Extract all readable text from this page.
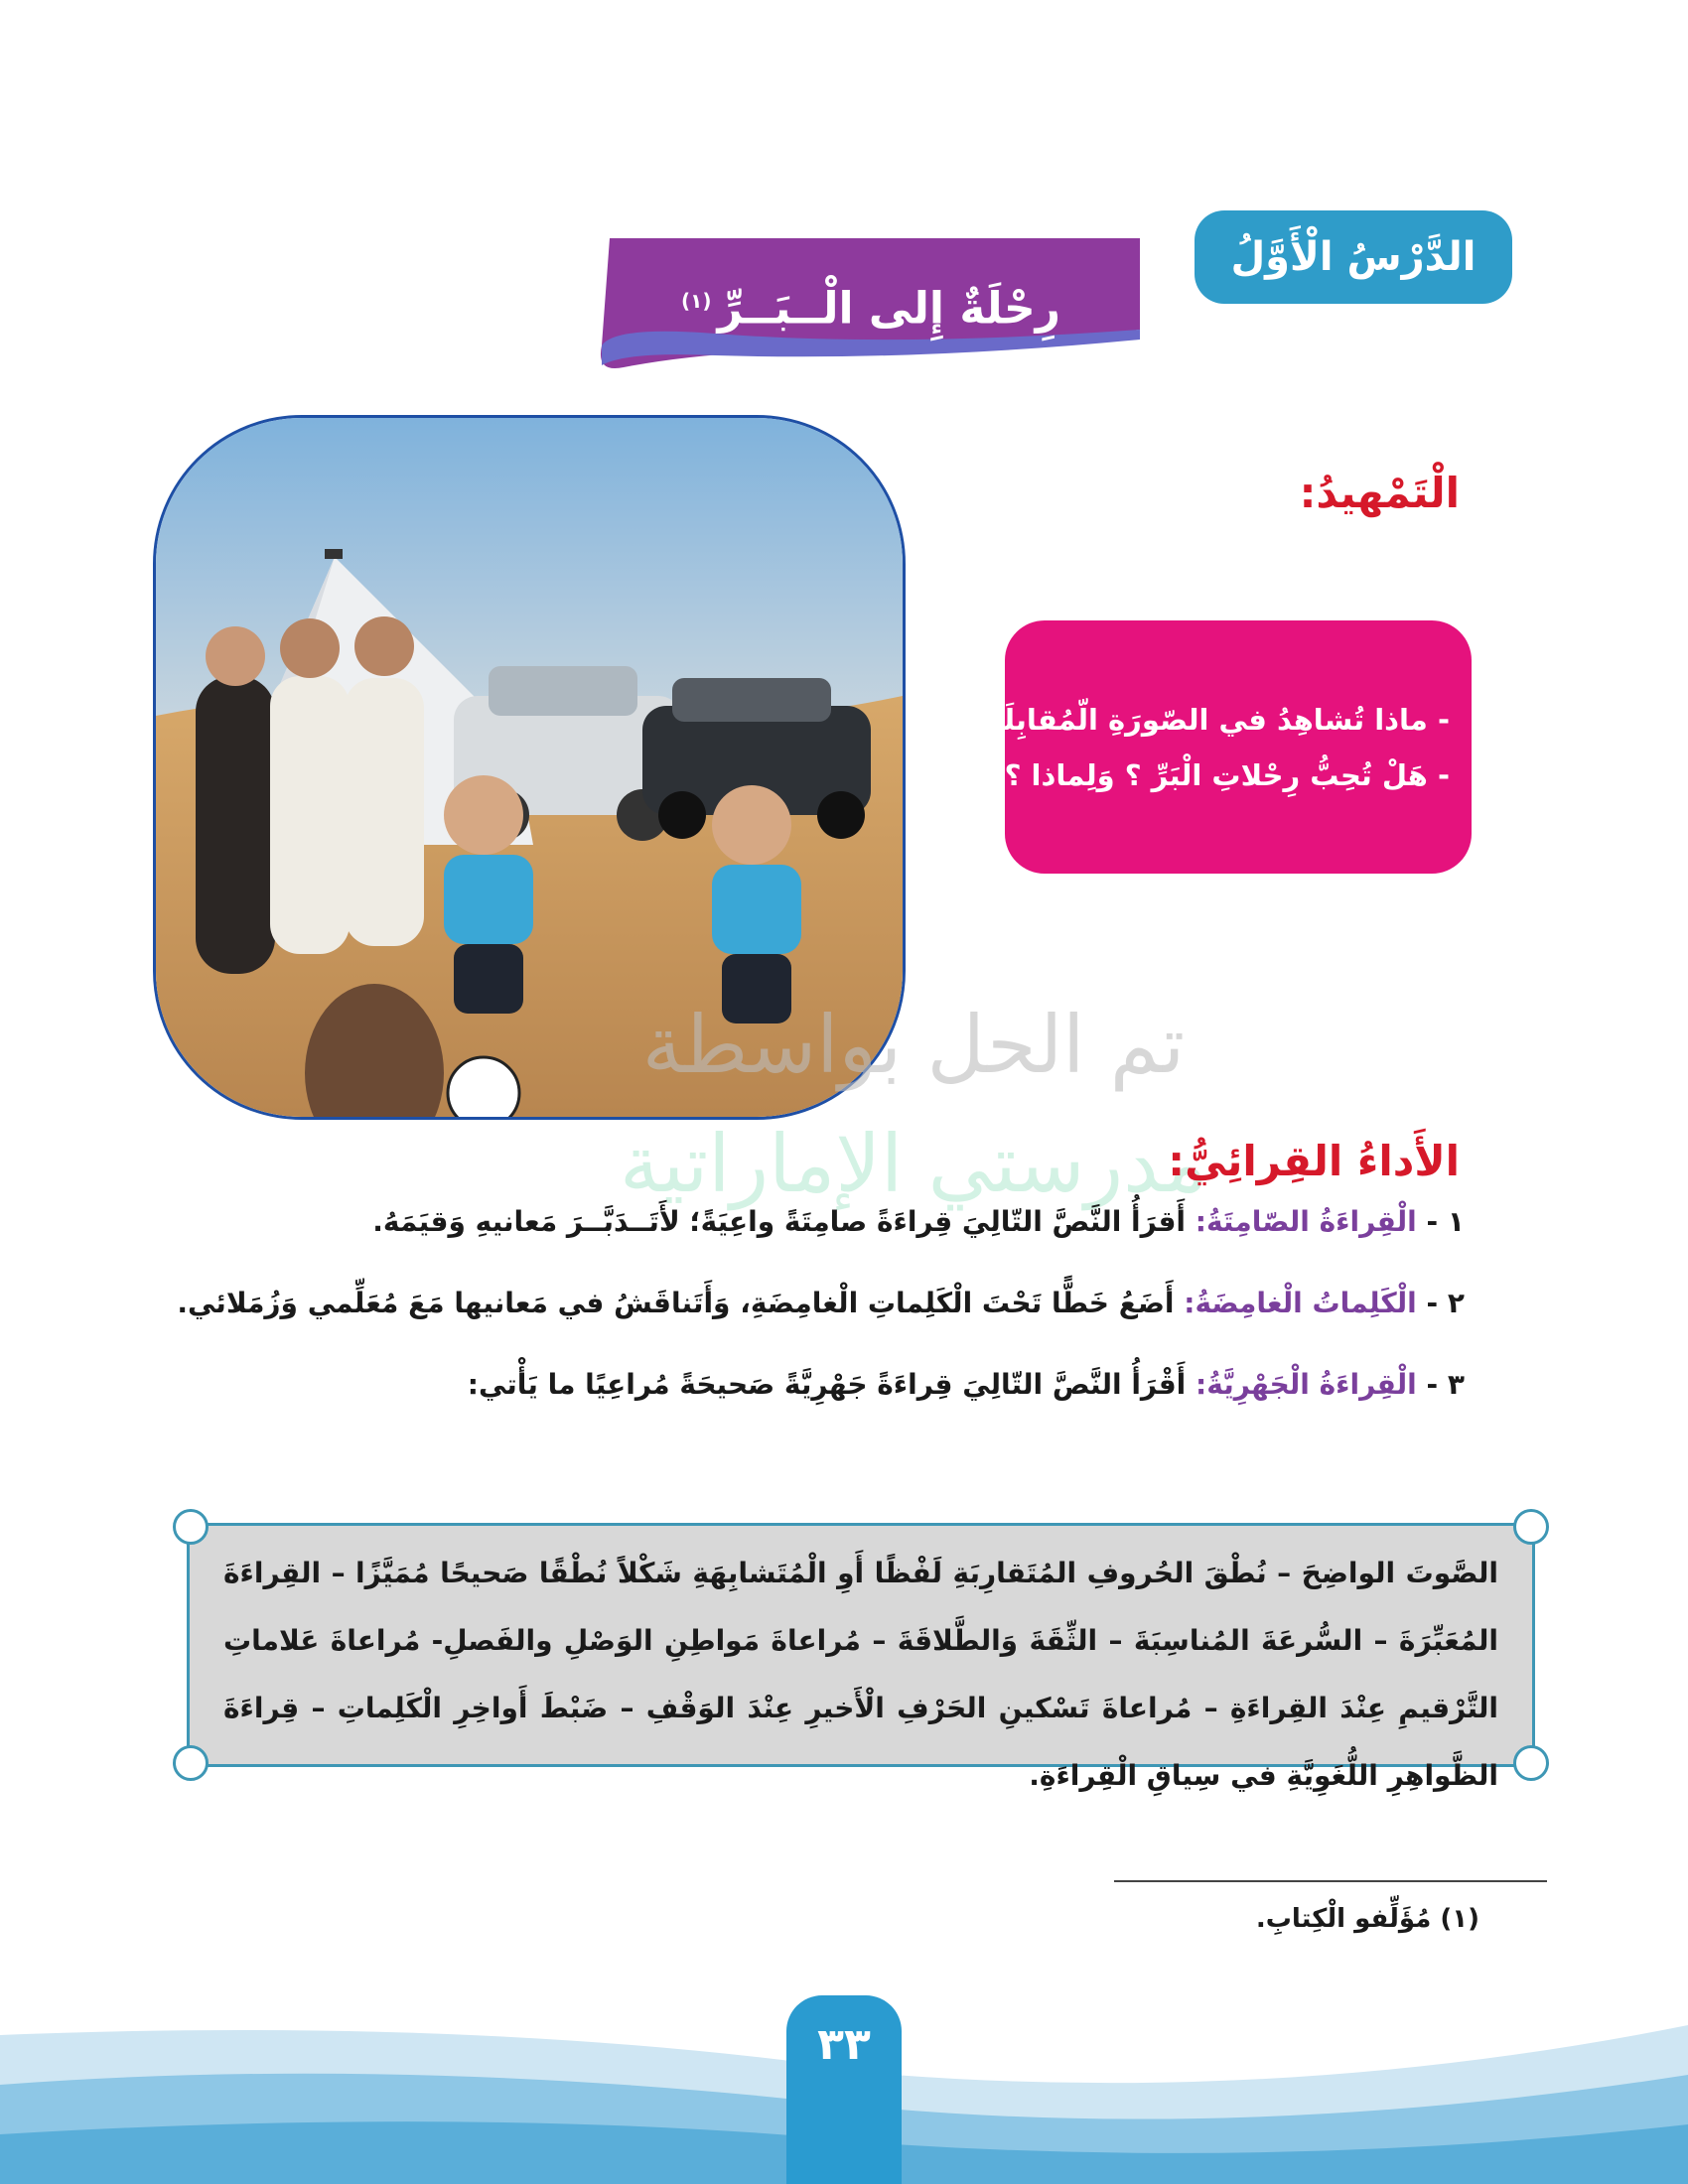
الدَّرْسُ الْأَوَّلُ
رِحْلَةٌ إِلى الْــبَــرِّ$^{(١)}$
الْتَمْهيدُ:
- ماذا تُشاهِدُ في الصّورَةِ الّمُقابِلَةِ؟
- هَلْ تُحِبُّ رِحْلاتِ الْبَرِّ ؟ وَلِماذا ؟
تم الحل بواسطة
مدرستي الإماراتية
الأَداءُ القِرائِيُّ:
١ - الْقِراءَةُ الصّامِتَةُ: أَقرَأُ النَّصَّ التّالِيَ قِراءَةً صامِتَةً واعِيَةً؛ لأَتَــدَبَّــرَ مَعانيهِ وَقيَمَهُ.
٢ - الْكَلِماتُ الْغامِضَةُ: أَضَعُ خَطًّا تَحْتَ الْكَلِماتِ الْغامِضَةِ، وَأَتَناقَشُ في مَعانيها مَعَ مُعَلِّمي وَزُمَلائي.
٣ - الْقِراءَةُ الْجَهْرِيَّةُ: أَقْرَأُ النَّصَّ التّالِيَ قِراءَةً جَهْرِيَّةً صَحيحَةً مُراعِيًا ما يَأْتي:
الصَّوتَ الواضِحَ – نُطْقَ الحُروفِ المُتَقارِبَةِ لَفْظًا أَوِ الْمُتَشابِهَةِ شَكْلاً نُطْقًا صَحيحًا مُمَيَّزًا – القِراءَةَ المُعَبِّرَةَ – السُّرعَةَ المُناسِبَةَ – الثِّقَةَ وَالطَّلاقَةَ – مُراعاةَ مَواطِنِ الوَصْلِ والفَصلِ- مُراعاةَ عَلاماتِ التَّرْقيمِ عِنْدَ القِراءَةِ – مُراعاةَ تَسْكينِ الحَرْفِ الْأَخيرِ عِنْدَ الوَقْفِ – ضَبْطَ أَواخِرِ الْكَلِماتِ – قِراءَةَ الظَّواهِرِ اللُّغَوِيَّةِ في سِياقِ الْقِراءَةِ.
(١) مُؤَلِّفو الْكِتابِ.
٣٣
